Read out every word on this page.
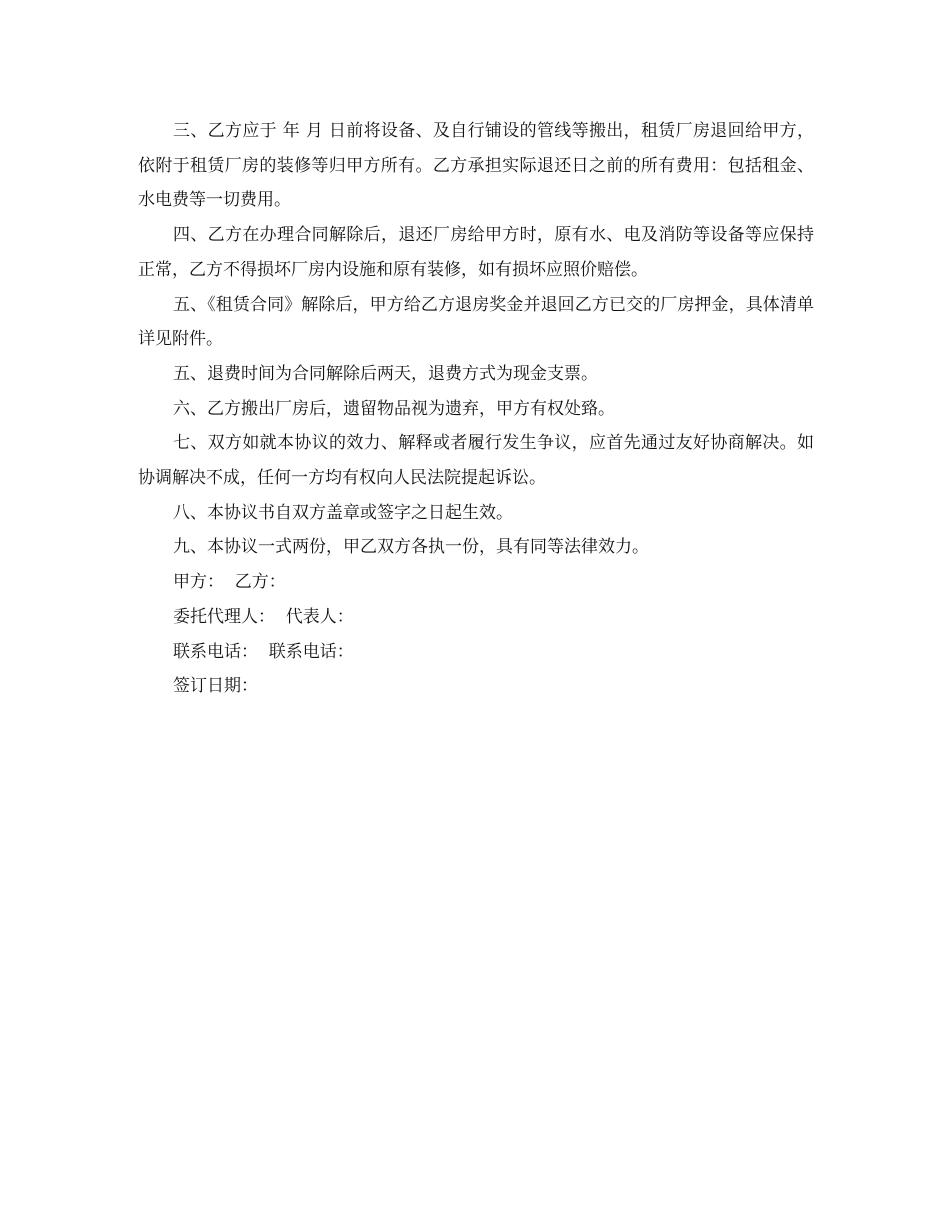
三、乙方应于 年 月 日前将设备、及自行铺设的管线等搬出，租赁厂房退回给甲方，依附于租赁厂房的装修等归甲方所有。乙方承担实际退还日之前的所有费用：包括租金、水电费等一切费用。

四、乙方在办理合同解除后，退还厂房给甲方时，原有水、电及消防等设备等应保持正常，乙方不得损坏厂房内设施和原有装修，如有损坏应照价赔偿。

五、《租赁合同》解除后，甲方给乙方退房奖金并退回乙方已交的厂房押金，具体清单详见附件。

五、退费时间为合同解除后两天，退费方式为现金支票。

六、乙方搬出厂房后，遗留物品视为遗弃，甲方有权处臵。

七、双方如就本协议的效力、解释或者履行发生争议，应首先通过友好协商解决。如协调解决不成，任何一方均有权向人民法院提起诉讼。

八、本协议书自双方盖章或签字之日起生效。

九、本协议一式两份，甲乙双方各执一份，具有同等法律效力。

甲方：  乙方：

委托代理人：  代表人：

联系电话：  联系电话：

签订日期：
